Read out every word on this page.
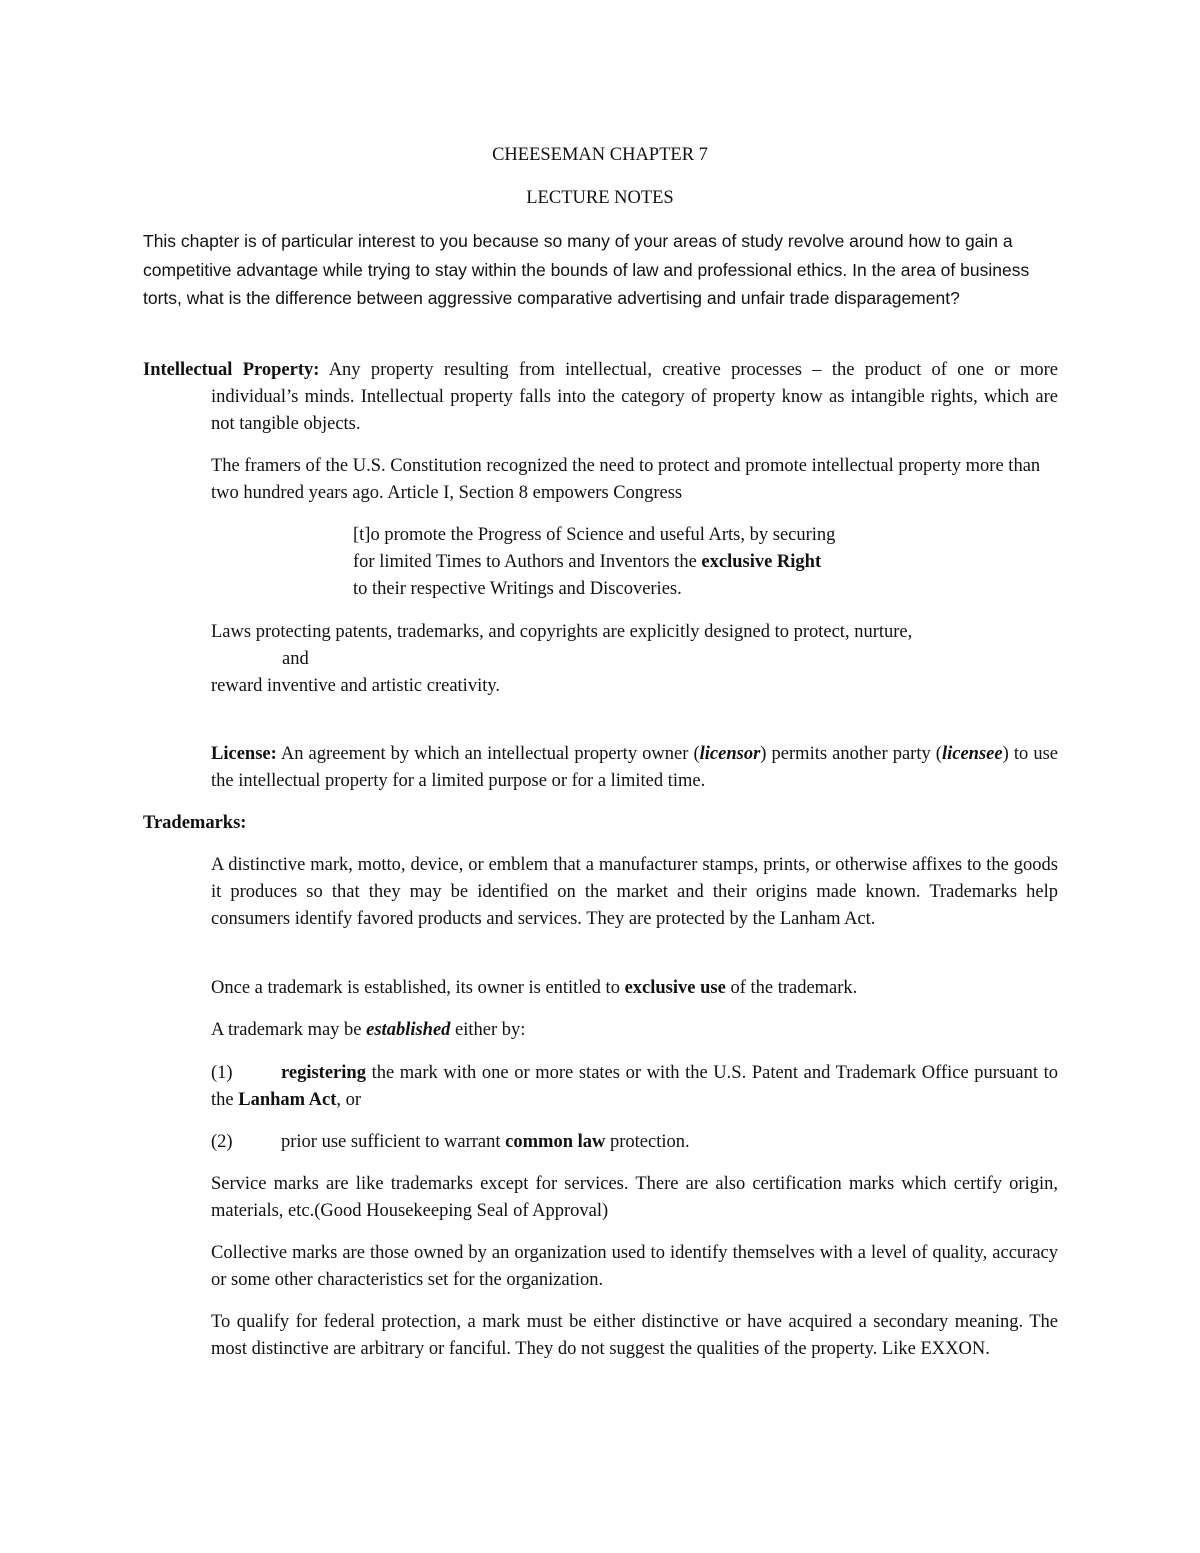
CHEESEMAN CHAPTER 7
LECTURE NOTES

This chapter is of particular interest to you because so many of your areas of study revolve around how to gain a competitive advantage while trying to stay within the bounds of law and professional ethics. In the area of business torts, what is the difference between aggressive comparative advertising and unfair trade disparagement?

Intellectual Property: Any property resulting from intellectual, creative processes – the product of one or more individual’s minds. Intellectual property falls into the category of property know as intangible rights, which are not tangible objects.

The framers of the U.S. Constitution recognized the need to protect and promote intellectual property more than two hundred years ago. Article I, Section 8 empowers Congress

[t]o promote the Progress of Science and useful Arts, by securing
for limited Times to Authors and Inventors the exclusive Right
to their respective Writings and Discoveries.
Laws protecting patents, trademarks, and copyrights are explicitly designed to protect, nurture,
and
reward inventive and artistic creativity.

License: An agreement by which an intellectual property owner (licensor) permits another party (licensee) to use the intellectual property for a limited purpose or for a limited time.

Trademarks:

A distinctive mark, motto, device, or emblem that a manufacturer stamps, prints, or otherwise affixes to the goods it produces so that they may be identified on the market and their origins made known. Trademarks help consumers identify favored products and services. They are protected by the Lanham Act.

Once a trademark is established, its owner is entitled to exclusive use of the trademark.

A trademark may be established either by:

(1)	registering the mark with one or more states or with the U.S. Patent and Trademark Office pursuant to the Lanham Act, or

(2)	prior use sufficient to warrant common law protection.

Service marks are like trademarks except for services. There are also certification marks which certify origin, materials, etc.(Good Housekeeping Seal of Approval)

Collective marks are those owned by an organization used to identify themselves with a level of quality, accuracy or some other characteristics set for the organization.

To qualify for federal protection, a mark must be either distinctive or have acquired a secondary meaning. The most distinctive are arbitrary or fanciful. They do not suggest the qualities of the property. Like EXXON.
